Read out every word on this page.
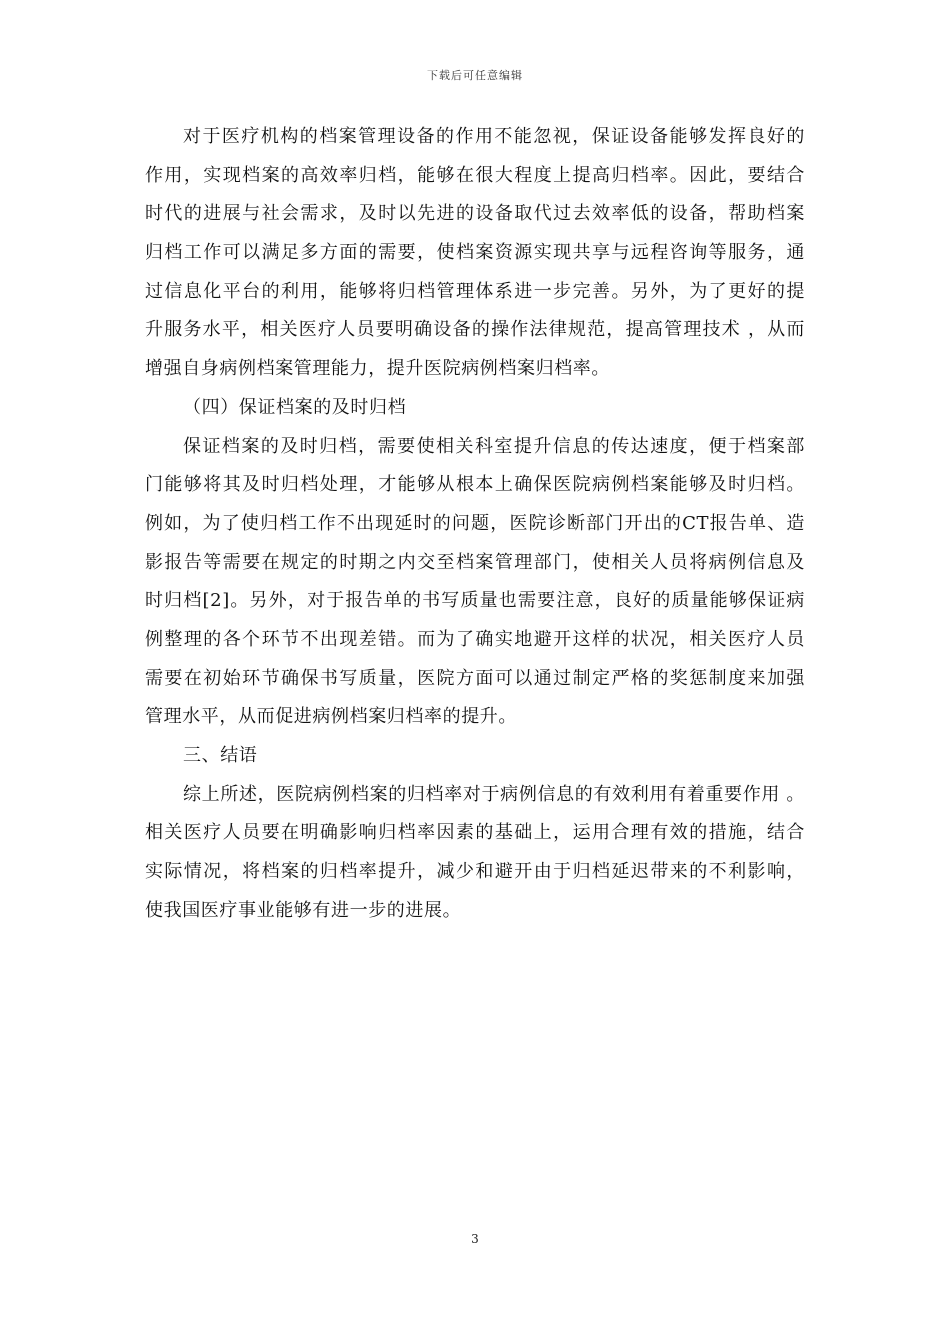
下载后可任意编辑
对于医疗机构的档案管理设备的作用不能忽视，保证设备能够发挥良好的
作用，实现档案的高效率归档，能够在很大程度上提高归档率。因此，要结合
时代的进展与社会需求，及时以先进的设备取代过去效率低的设备，帮助档案
归档工作可以满足多方面的需要，使档案资源实现共享与远程咨询等服务，通
过信息化平台的利用，能够将归档管理体系进一步完善。另外，为了更好的提
升服务水平，相关医疗人员要明确设备的操作法律规范，提高管理技术 ，从而
增强自身病例档案管理能力，提升医院病例档案归档率。
（四）保证档案的及时归档
保证档案的及时归档，需要使相关科室提升信息的传达速度，便于档案部
门能够将其及时归档处理，才能够从根本上确保医院病例档案能够及时归档。
例如，为了使归档工作不出现延时的问题，医院诊断部门开出的CT报告单、造
影报告等需要在规定的时期之内交至档案管理部门，使相关人员将病例信息及
时归档[2]。另外，对于报告单的书写质量也需要注意，良好的质量能够保证病
例整理的各个环节不出现差错。而为了确实地避开这样的状况，相关医疗人员
需要在初始环节确保书写质量，医院方面可以通过制定严格的奖惩制度来加强
管理水平，从而促进病例档案归档率的提升。
三、结语
综上所述，医院病例档案的归档率对于病例信息的有效利用有着重要作用 。
相关医疗人员要在明确影响归档率因素的基础上，运用合理有效的措施，结合
实际情况，将档案的归档率提升，减少和避开由于归档延迟带来的不利影响，
使我国医疗事业能够有进一步的进展。
3
